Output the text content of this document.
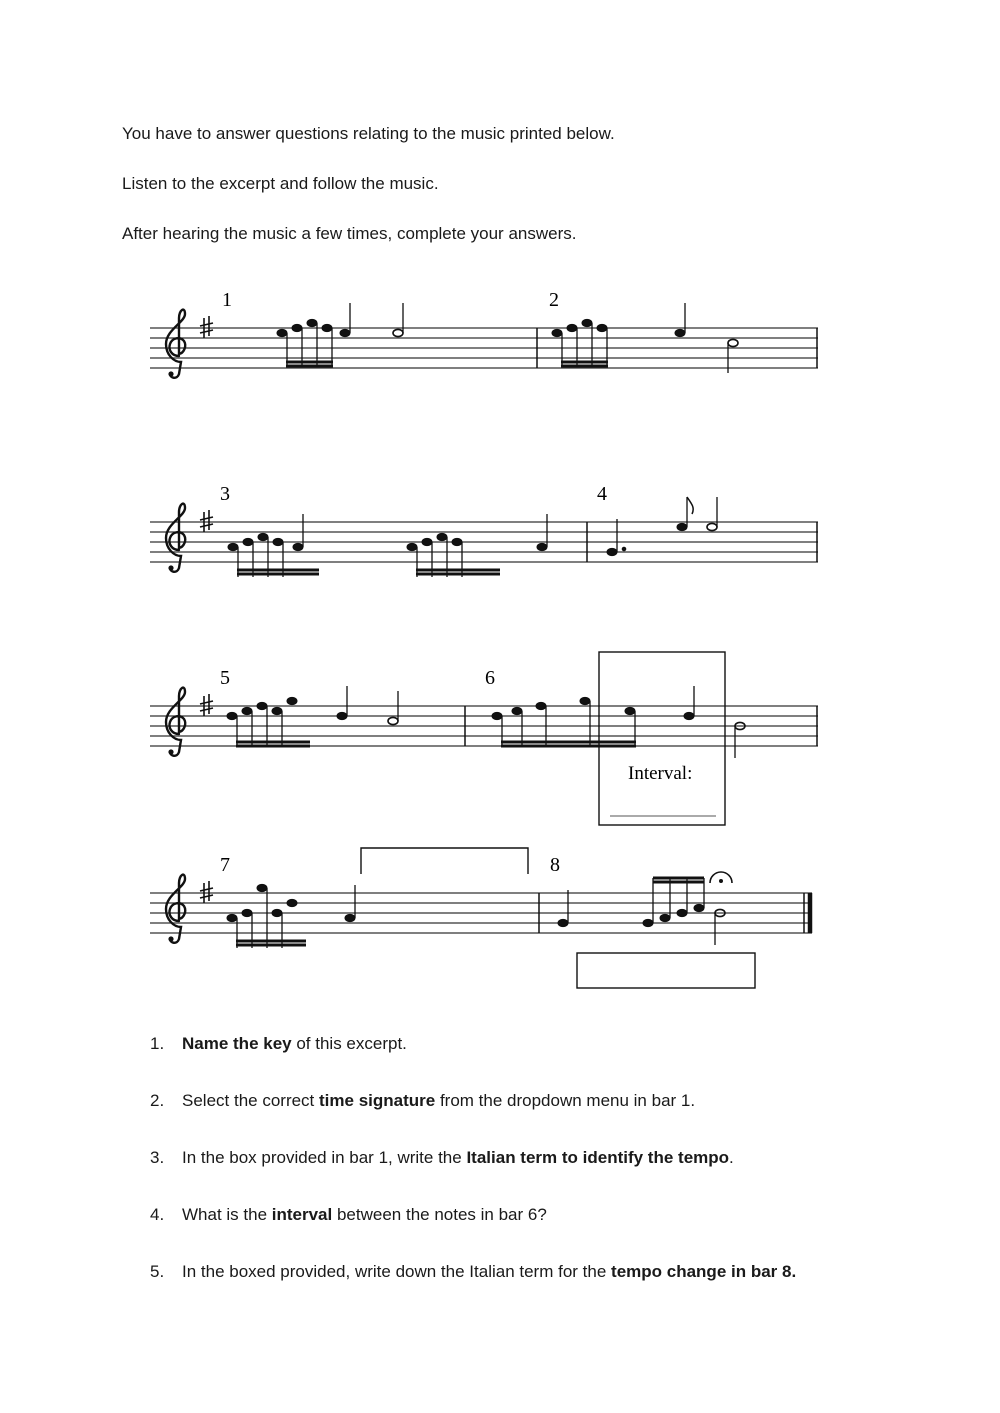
You have to answer questions relating to the music printed below.

Listen to the excerpt and follow the music.

After hearing the music a few times, complete your answers.

1	2
3	4
5	6
Interval:
7	8
1. Name the key of this excerpt.
2. Select the correct time signature from the dropdown menu in bar 1.
3. In the box provided in bar 1, write the Italian term to identify the tempo.
4. What is the interval between the notes in bar 6?
5. In the boxed provided, write down the Italian term for the tempo change in bar 8.
